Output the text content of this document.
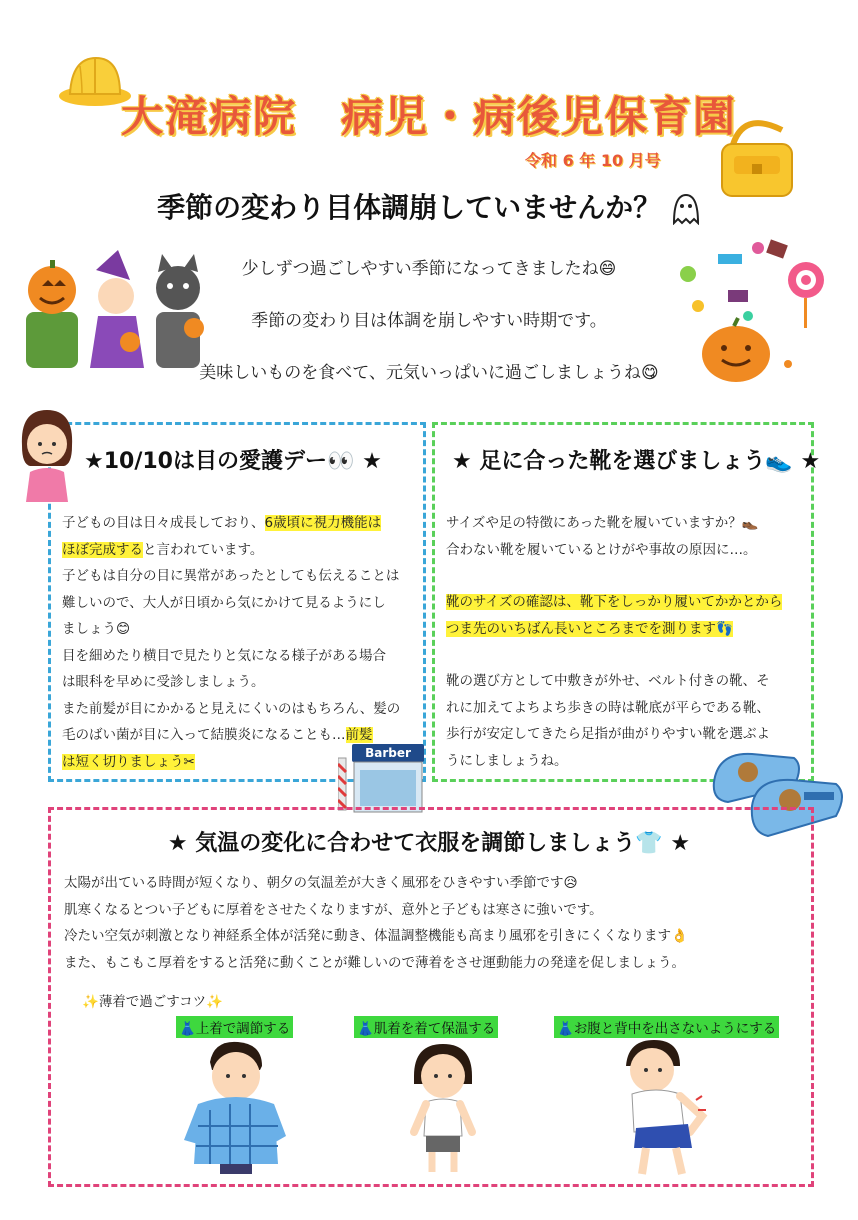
大滝病院　病児・病後児保育園
令和 6 年 10 月号
季節の変わり目体調崩していませんか？
少しずつ過ごしやすい季節になってきましたね😄
季節の変わり目は体調を崩しやすい時期です。
美味しいものを食べて、元気いっぱいに過ごしましょうね😋
★10/10は目の愛護デー👀 ★
子どもの目は日々成長しており、6歳頃に視力機能は
ほぼ完成すると言われています。
子どもは自分の目に異常があったとしても伝えることは
難しいので、大人が日頃から気にかけて見るようにし
ましょう😊
目を細めたり横目で見たりと気になる様子がある場合
は眼科を早めに受診しましょう。
また前髪が目にかかると見えにくいのはもちろん、髪の
毛のばい菌が目に入って結膜炎になることも…前髪
は短く切りましょう✂
Barber
★ 足に合った靴を選びましょう👟 ★
サイズや足の特徴にあった靴を履いていますか？👞
合わない靴を履いているとけがや事故の原因に…。
靴のサイズの確認は、靴下をしっかり履いてかかとから
つま先のいちばん長いところまでを測ります👣
靴の選び方として中敷きが外せ、ベルト付きの靴、そ
れに加えてよちよち歩きの時は靴底が平らである靴、
歩行が安定してきたら足指が曲がりやすい靴を選ぶよ
うにしましょうね。
★ 気温の変化に合わせて衣服を調節しましょう👕 ★
太陽が出ている時間が短くなり、朝夕の気温差が大きく風邪をひきやすい季節です😥
肌寒くなるとつい子どもに厚着をさせたくなりますが、意外と子どもは寒さに強いです。
冷たい空気が刺激となり神経系全体が活発に動き、体温調整機能も高まり風邪を引きにくくなります👌
また、もこもこ厚着をすると活発に動くことが難しいので薄着をさせ運動能力の発達を促しましょう。
✨薄着で過ごすコツ✨
👗上着で調節する	👗肌着を着て保温する	👗お腹と背中を出さないようにする
